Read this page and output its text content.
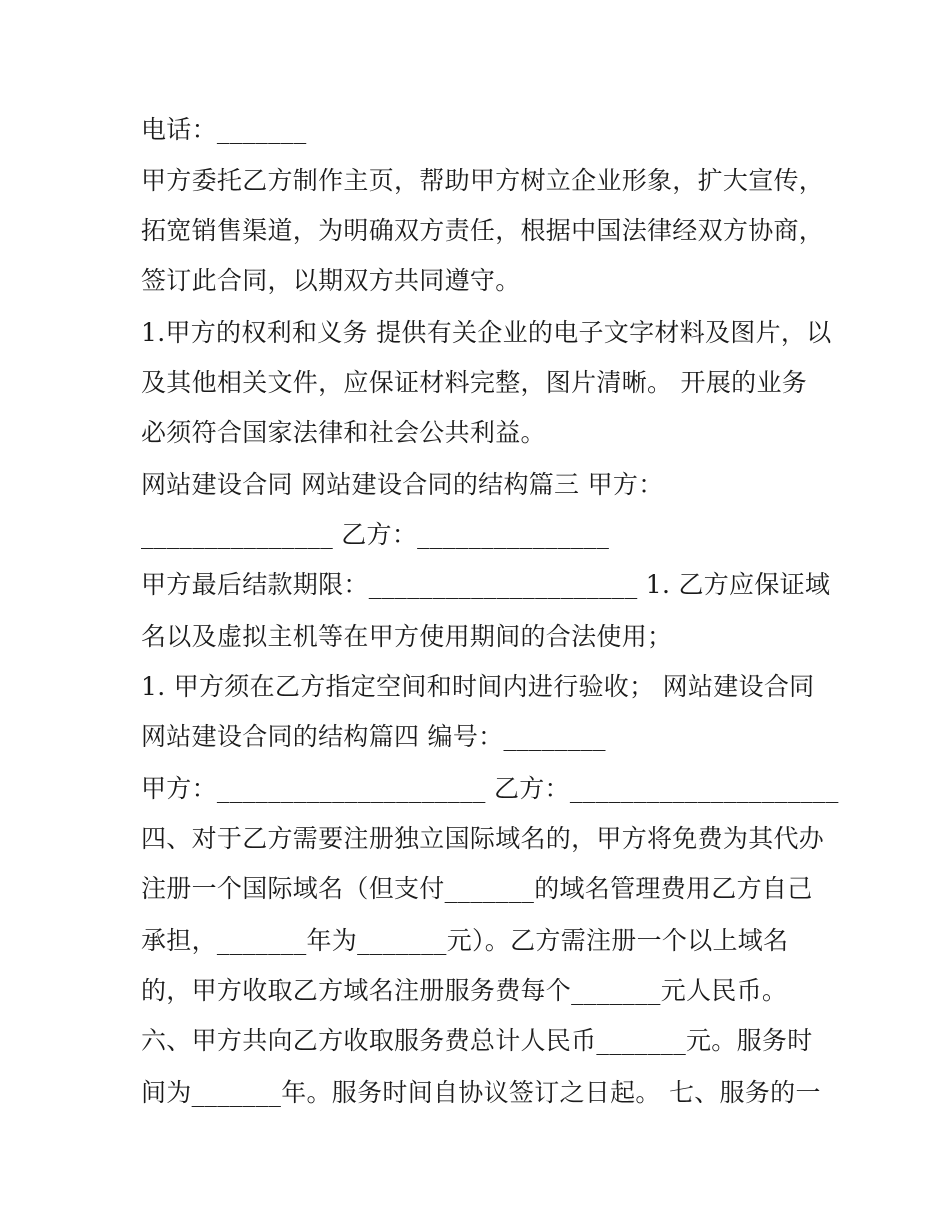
电话：_______
甲方委托乙方制作主页，帮助甲方树立企业形象，扩大宣传，
拓宽销售渠道，为明确双方责任，根据中国法律经双方协商，
签订此合同，以期双方共同遵守。
1.甲方的权利和义务 提供有关企业的电子文字材料及图片，以
及其他相关文件，应保证材料完整，图片清晰。 开展的业务
必须符合国家法律和社会公共利益。
网站建设合同 网站建设合同的结构篇三 甲方：
_______________ 乙方：_______________
甲方最后结款期限：_____________________ 1. 乙方应保证域
名以及虚拟主机等在甲方使用期间的合法使用；
1. 甲方须在乙方指定空间和时间内进行验收； 网站建设合同
网站建设合同的结构篇四 编号：________
甲方：_____________________ 乙方：_____________________
四、对于乙方需要注册独立国际域名的，甲方将免费为其代办
注册一个国际域名（但支付_______的域名管理费用乙方自己
承担，_______年为_______元）。乙方需注册一个以上域名
的，甲方收取乙方域名注册服务费每个_______元人民币。
六、甲方共向乙方收取服务费总计人民币_______元。服务时
间为_______年。服务时间自协议签订之日起。 七、服务的一
